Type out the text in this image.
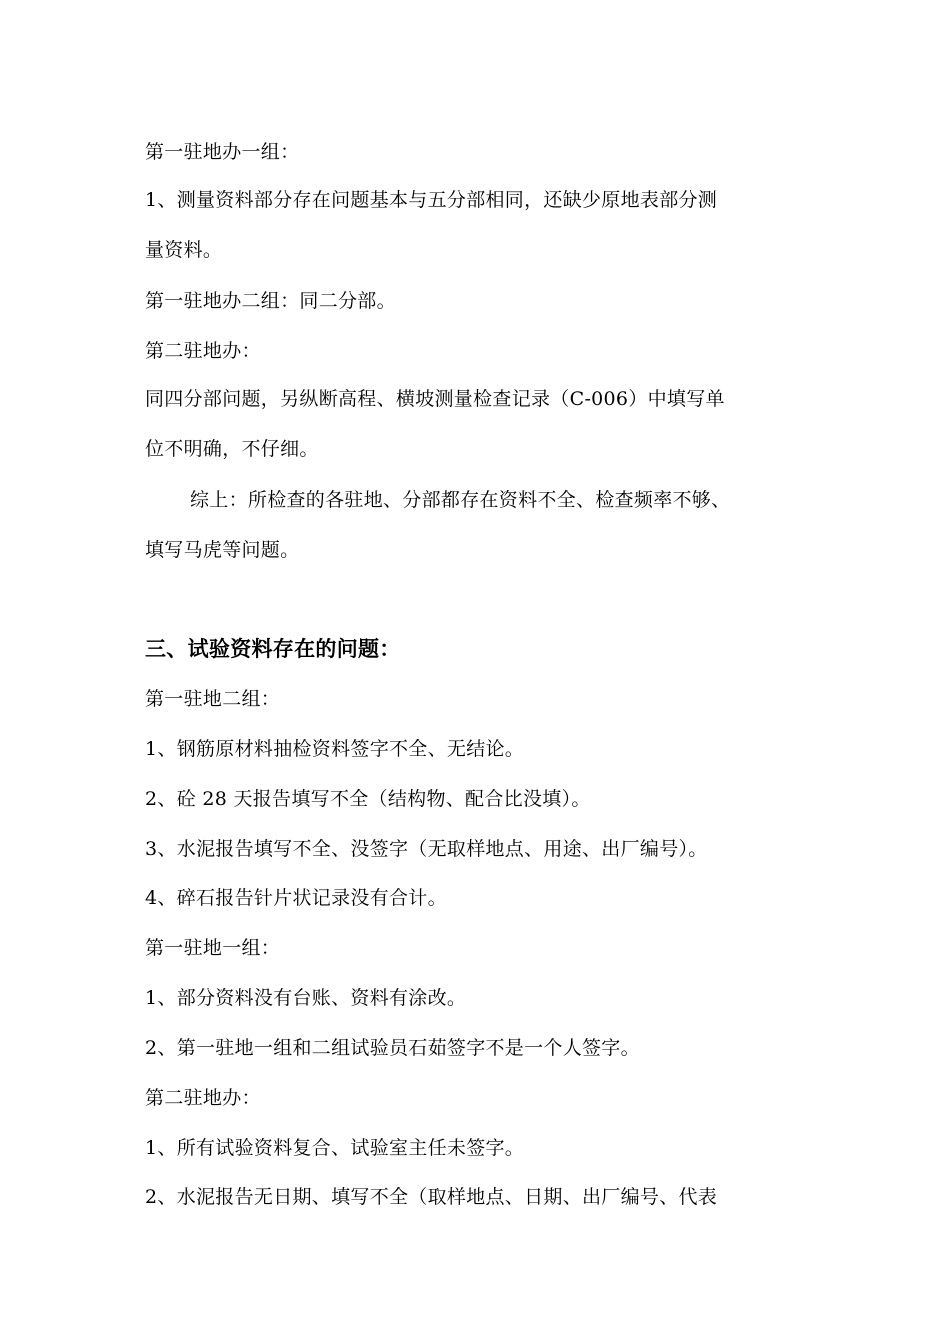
第一驻地办一组：
1、测量资料部分存在问题基本与五分部相同，还缺少原地表部分测
量资料。
第一驻地办二组：同二分部。
第二驻地办：
同四分部问题，另纵断高程、横坡测量检查记录（C-006）中填写单
位不明确，不仔细。
综上：所检查的各驻地、分部都存在资料不全、检查频率不够、
填写马虎等问题。
三、试验资料存在的问题：
第一驻地二组：
1、钢筋原材料抽检资料签字不全、无结论。
2、砼 28 天报告填写不全（结构物、配合比没填）。
3、水泥报告填写不全、没签字（无取样地点、用途、出厂编号）。
4、碎石报告针片状记录没有合计。
第一驻地一组：
1、部分资料没有台账、资料有涂改。
2、第一驻地一组和二组试验员石茹签字不是一个人签字。
第二驻地办：
1、所有试验资料复合、试验室主任未签字。
2、水泥报告无日期、填写不全（取样地点、日期、出厂编号、代表
